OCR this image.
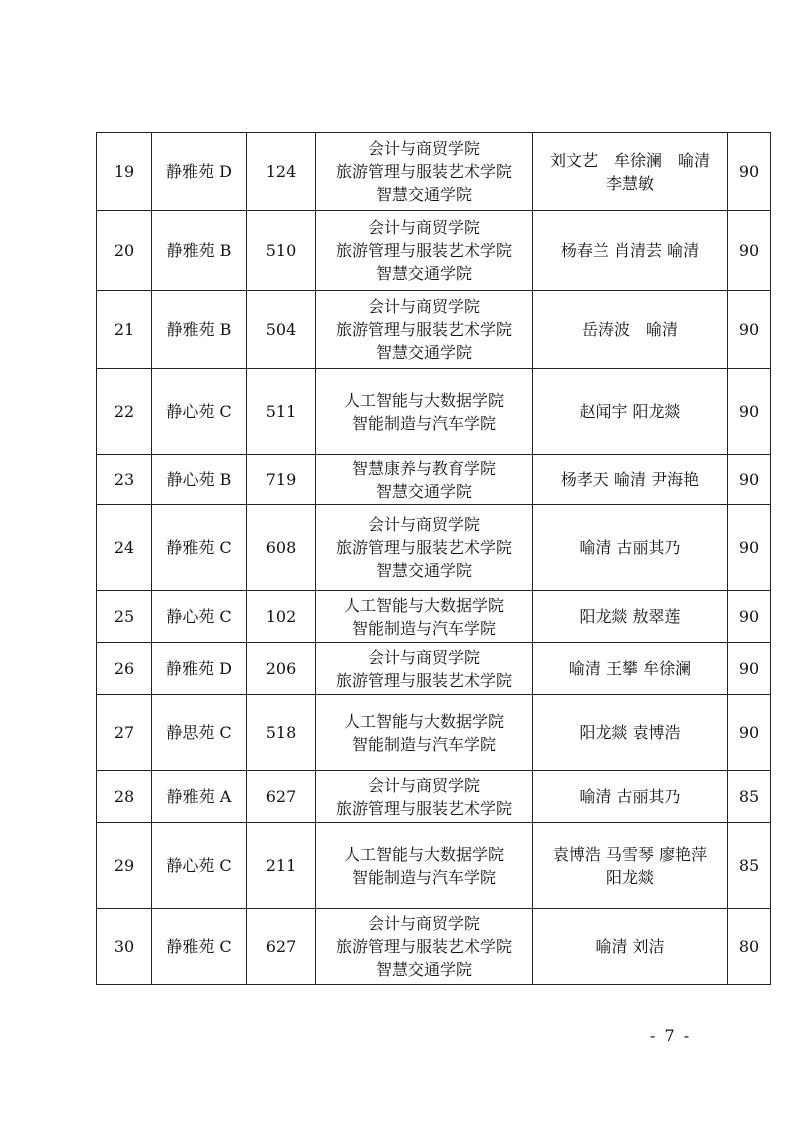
19	静雅苑 D	124	会计与商贸学院
旅游管理与服装艺术学院
智慧交通学院	刘文艺　牟徐澜　喻清
李慧敏	90
20	静雅苑 B	510	会计与商贸学院
旅游管理与服装艺术学院
智慧交通学院	杨春兰 肖清芸 喻清	90
21	静雅苑 B	504	会计与商贸学院
旅游管理与服装艺术学院
智慧交通学院	岳涛波　喻清	90
22	静心苑 C	511	人工智能与大数据学院
智能制造与汽车学院	赵闻宇 阳龙燚	90
23	静心苑 B	719	智慧康养与教育学院
智慧交通学院	杨孝天 喻清 尹海艳	90
24	静雅苑 C	608	会计与商贸学院
旅游管理与服装艺术学院
智慧交通学院	喻清 古丽其乃	90
25	静心苑 C	102	人工智能与大数据学院
智能制造与汽车学院	阳龙燚 敖翠莲	90
26	静雅苑 D	206	会计与商贸学院
旅游管理与服装艺术学院	喻清 王攀 牟徐澜	90
27	静思苑 C	518	人工智能与大数据学院
智能制造与汽车学院	阳龙燚 袁博浩	90
28	静雅苑 A	627	会计与商贸学院
旅游管理与服装艺术学院	喻清 古丽其乃	85
29	静心苑 C	211	人工智能与大数据学院
智能制造与汽车学院	袁博浩 马雪琴 廖艳萍
阳龙燚	85
30	静雅苑 C	627	会计与商贸学院
旅游管理与服装艺术学院
智慧交通学院	喻清 刘洁	80
- 7 -
